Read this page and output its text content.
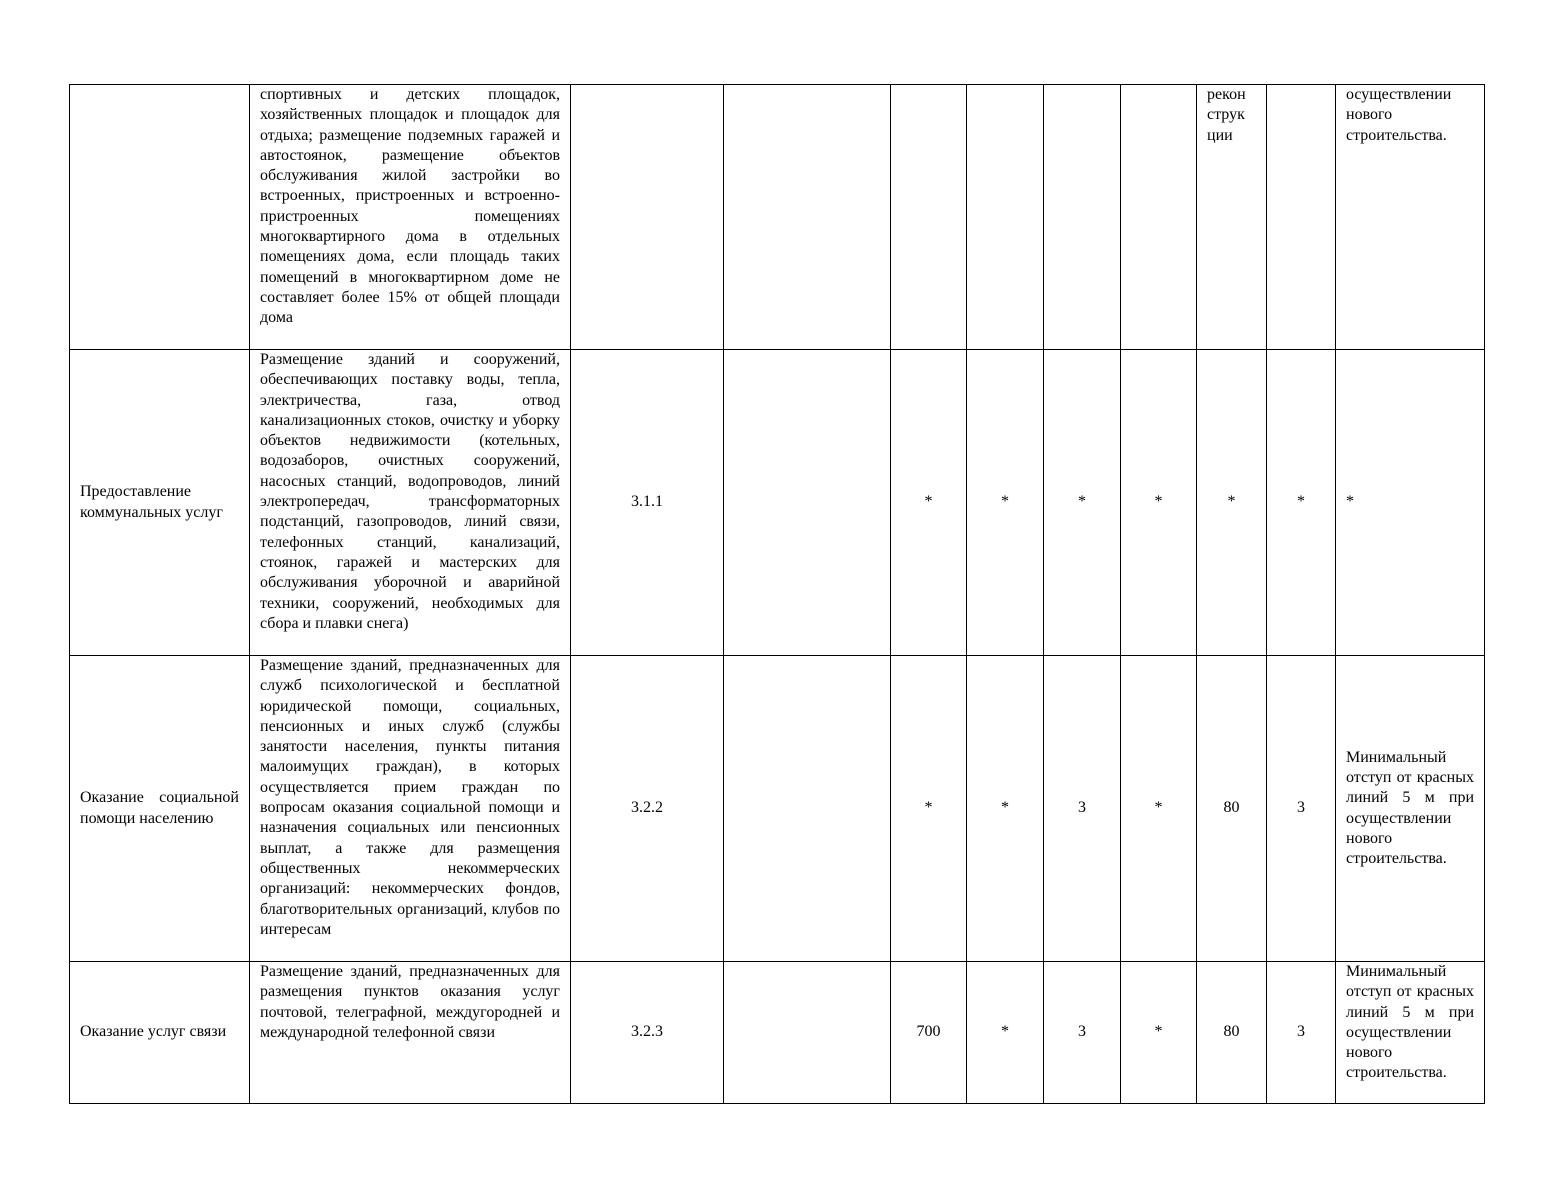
	спортивных и детских площадок, хозяйственных площадок и площадок для отдыха; размещение подземных гаражей и автостоянок, размещение объектов обслуживания жилой застройки во встроенных, пристроенных и встроенно-пристроенных помещениях многоквартирного дома в отдельных помещениях дома, если площадь таких помещений в многоквартирном доме не составляет более 15% от общей площади дома							рекон струк ции		осуществлении нового строительства.
Предоставление коммунальных услуг	Размещение зданий и сооружений, обеспечивающих поставку воды, тепла, электричества, газа, отвод канализационных стоков, очистку и уборку объектов недвижимости (котельных, водозаборов, очистных сооружений, насосных станций, водопроводов, линий электропередач, трансформаторных подстанций, газопроводов, линий связи, телефонных станций, канализаций, стоянок, гаражей и мастерских для обслуживания уборочной и аварийной техники, сооружений, необходимых для сбора и плавки снега)	3.1.1		*	*	*	*	*	*	*
Оказание социальной помощи населению	Размещение зданий, предназначенных для служб психологической и бесплатной юридической помощи, социальных, пенсионных и иных служб (службы занятости населения, пункты питания малоимущих граждан), в которых осуществляется прием граждан по вопросам оказания социальной помощи и назначения социальных или пенсионных выплат, а также для размещения общественных некоммерческих организаций: некоммерческих фондов, благотворительных организаций, клубов по интересам	3.2.2		*	*	3	*	80	3	Минимальный отступ от красных линий 5 м при осуществлении нового строительства.
Оказание услуг связи	Размещение зданий, предназначенных для размещения пунктов оказания услуг почтовой, телеграфной, междугородней и международной телефонной связи	3.2.3		700	*	3	*	80	3	Минимальный отступ от красных линий 5 м при осуществлении нового строительства.
